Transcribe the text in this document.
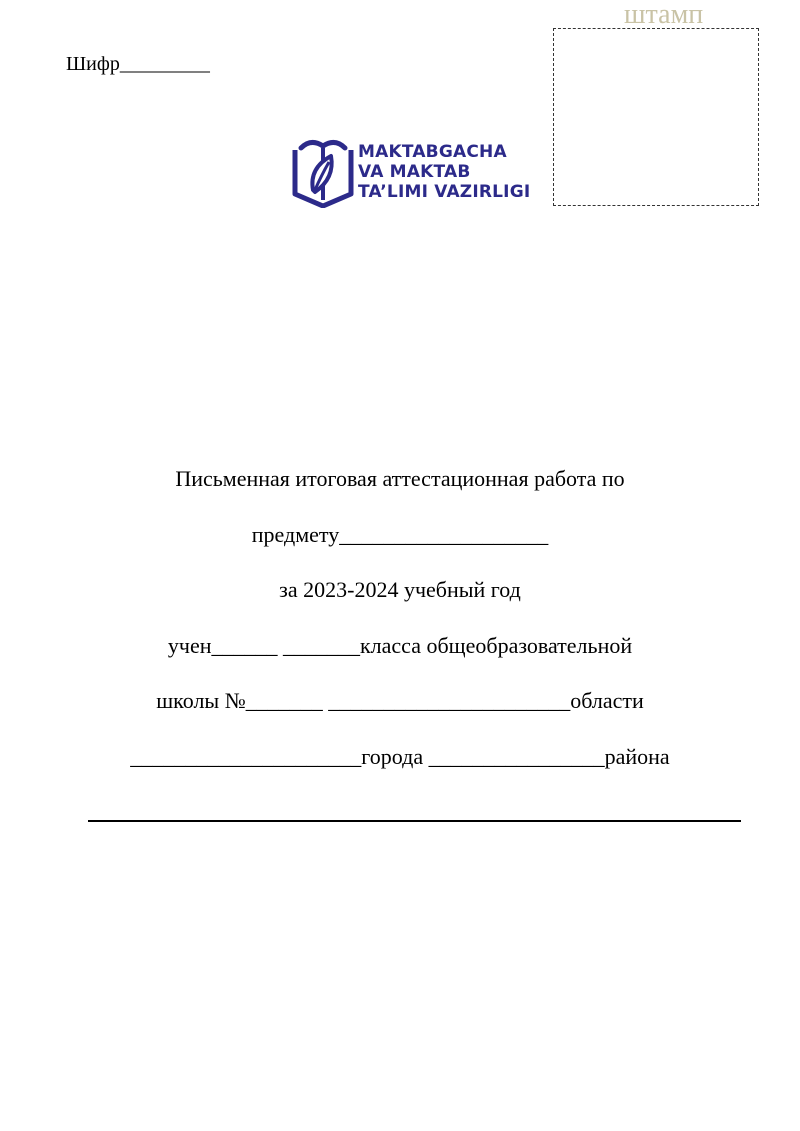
Шифр_________
штамп
MAKTABGACHA
VA MAKTAB
TA’LIMI VAZIRLIGI
Письменная итоговая аттестационная работа по
предмету___________________
за 2023-2024 учебный год
учен______ _______класса общеобразовательной
школы №_______ ______________________области
_____________________города ________________района
